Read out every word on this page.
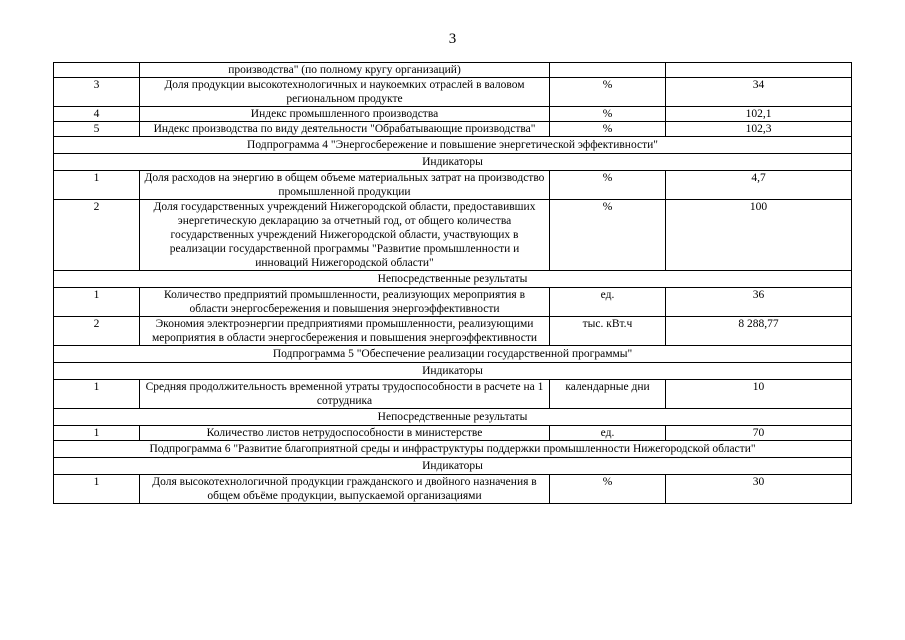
3
	производства" (по полному кругу организаций)		
3	Доля продукции высокотехнологичных и наукоемких отраслей в валовом региональном продукте	%	34
4	Индекс промышленного производства	%	102,1
5	Индекс производства по виду деятельности "Обрабатывающие производства"	%	102,3
Подпрограмма 4 "Энергосбережение и повышение энергетической эффективности"			
Индикаторы			
1	Доля расходов на энергию в общем объеме материальных затрат на производство промышленной продукции	%	4,7
2	Доля государственных учреждений Нижегородской области, предоставивших энергетическую декларацию за отчетный год, от общего количества государственных учреждений Нижегородской области, участвующих в реализации государственной программы "Развитие промышленности и инноваций Нижегородской области"	%	100
Непосредственные результаты			
1	Количество предприятий промышленности, реализующих мероприятия в области энергосбережения и повышения энергоэффективности	ед.	36
2	Экономия электроэнергии предприятиями промышленности, реализующими мероприятия в области энергосбережения и повышения энергоэффективности	тыс. кВт.ч	8 288,77
Подпрограмма 5 "Обеспечение реализации государственной программы"			
Индикаторы			
1	Средняя продолжительность временной утраты трудоспособности в расчете на 1 сотрудника	календарные дни	10
Непосредственные результаты			
1	Количество листов нетрудоспособности в министерстве	ед.	70
Подпрограмма 6 "Развитие благоприятной среды и инфраструктуры поддержки промышленности Нижегородской области"			
Индикаторы			
1	Доля высокотехнологичной продукции гражданского и двойного назначения в общем объёме продукции, выпускаемой организациями	%	30
